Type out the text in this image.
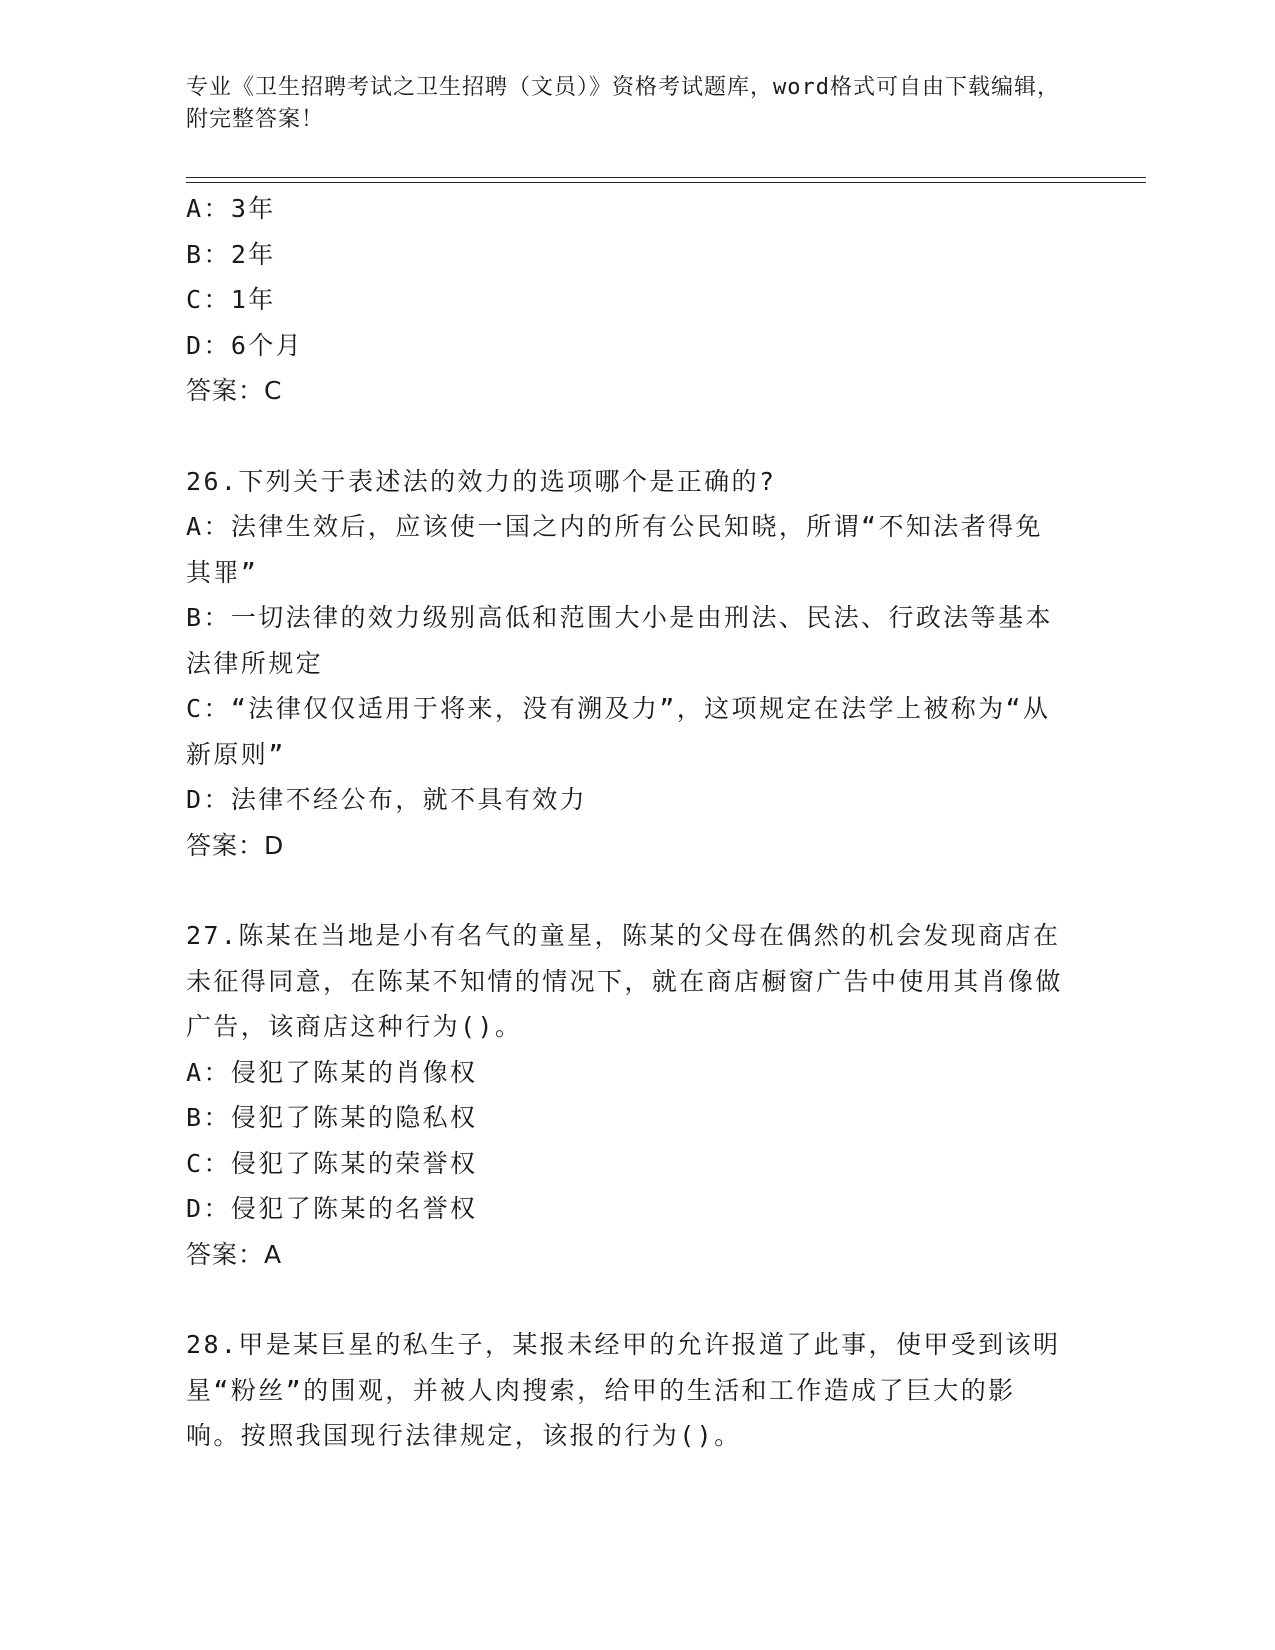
专业《卫生招聘考试之卫生招聘（文员）》资格考试题库，word格式可自由下载编辑，附完整答案！
A：3年
B：2年
C：1年
D：6个月
答案：C
26.下列关于表述法的效力的选项哪个是正确的?
A：法律生效后，应该使一国之内的所有公民知晓，所谓“不知法者得免其罪”
B：一切法律的效力级别高低和范围大小是由刑法、民法、行政法等基本法律所规定
C：“法律仅仅适用于将来，没有溯及力”，这项规定在法学上被称为“从新原则”
D：法律不经公布，就不具有效力
答案：D
27.陈某在当地是小有名气的童星，陈某的父母在偶然的机会发现商店在未征得同意，在陈某不知情的情况下，就在商店橱窗广告中使用其肖像做广告，该商店这种行为()。
A：侵犯了陈某的肖像权
B：侵犯了陈某的隐私权
C：侵犯了陈某的荣誉权
D：侵犯了陈某的名誉权
答案：A
28.甲是某巨星的私生子，某报未经甲的允许报道了此事，使甲受到该明星“粉丝”的围观，并被人肉搜索，给甲的生活和工作造成了巨大的影响。按照我国现行法律规定，该报的行为()。
